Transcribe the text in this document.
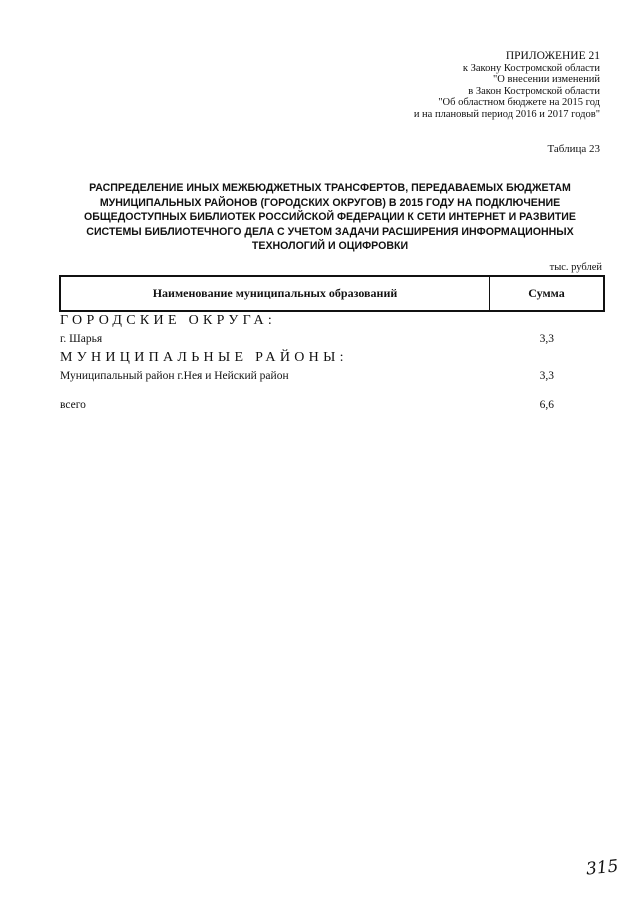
ПРИЛОЖЕНИЕ 21
к Закону Костромской области
"О внесении изменений
в Закон Костромской области
"Об областном бюджете на 2015 год
и на плановый период 2016 и 2017 годов"
Таблица 23
РАСПРЕДЕЛЕНИЕ ИНЫХ МЕЖБЮДЖЕТНЫХ ТРАНСФЕРТОВ, ПЕРЕДАВАЕМЫХ БЮДЖЕТАМ
МУНИЦИПАЛЬНЫХ РАЙОНОВ (ГОРОДСКИХ ОКРУГОВ) В 2015 ГОДУ НА ПОДКЛЮЧЕНИЕ
ОБЩЕДОСТУПНЫХ БИБЛИОТЕК РОССИЙСКОЙ ФЕДЕРАЦИИ К СЕТИ ИНТЕРНЕТ И РАЗВИТИЕ
СИСТЕМЫ БИБЛИОТЕЧНОГО ДЕЛА С УЧЕТОМ ЗАДАЧИ РАСШИРЕНИЯ ИНФОРМАЦИОННЫХ
ТЕХНОЛОГИЙ И ОЦИФРОВКИ
тыс. рублей
Наименование муниципальных образований	Сумма
ГОРОДСКИЕ ОКРУГА:
г. Шарья	3,3
МУНИЦИПАЛЬНЫЕ РАЙОНЫ:
Муниципальный район г.Нея и Нейский район	3,3
всего	6,6
315
